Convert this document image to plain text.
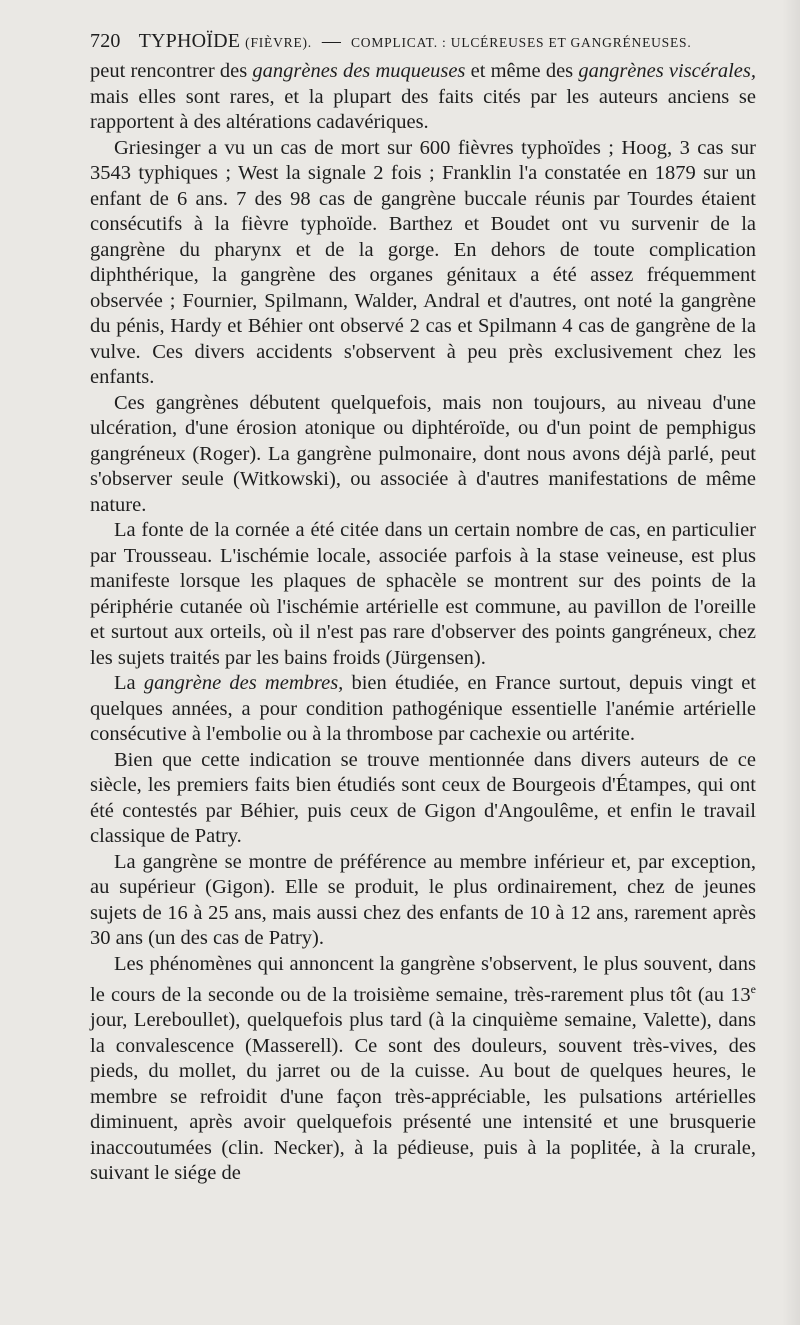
720 TYPHOÏDE
(FIÈVRE).
—
COMPLICAT. : ULCÉREUSES ET GANGRÉNEUSES.

peut rencontrer des gangrènes des muqueuses et même des gangrènes viscérales, mais elles sont rares, et la plupart des faits cités par les auteurs anciens se rapportent à des altérations cadavériques.

Griesinger a vu un cas de mort sur 600 fièvres typhoïdes ; Hoog, 3 cas sur 3543 typhiques ; West la signale 2 fois ; Franklin l'a constatée en 1879 sur un enfant de 6 ans. 7 des 98 cas de gangrène buccale réunis par Tourdes étaient consécutifs à la fièvre typhoïde. Barthez et Boudet ont vu survenir de la gangrène du pharynx et de la gorge. En dehors de toute complication diphthérique, la gangrène des organes génitaux a été assez fréquemment observée ; Fournier, Spilmann, Walder, Andral et d'autres, ont noté la gangrène du pénis, Hardy et Béhier ont observé 2 cas et Spilmann 4 cas de gangrène de la vulve. Ces divers accidents s'observent à peu près exclusivement chez les enfants.

Ces gangrènes débutent quelquefois, mais non toujours, au niveau d'une ulcération, d'une érosion atonique ou diphtéroïde, ou d'un point de pemphigus gangréneux (Roger). La gangrène pulmonaire, dont nous avons déjà parlé, peut s'observer seule (Witkowski), ou associée à d'autres manifestations de même nature.

La fonte de la cornée a été citée dans un certain nombre de cas, en particulier par Trousseau. L'ischémie locale, associée parfois à la stase veineuse, est plus manifeste lorsque les plaques de sphacèle se montrent sur des points de la périphérie cutanée où l'ischémie artérielle est commune, au pavillon de l'oreille et surtout aux orteils, où il n'est pas rare d'observer des points gangréneux, chez les sujets traités par les bains froids (Jürgensen).

La gangrène des membres, bien étudiée, en France surtout, depuis vingt et quelques années, a pour condition pathogénique essentielle l'anémie artérielle consécutive à l'embolie ou à la thrombose par cachexie ou artérite.

Bien que cette indication se trouve mentionnée dans divers auteurs de ce siècle, les premiers faits bien étudiés sont ceux de Bourgeois d'Étampes, qui ont été contestés par Béhier, puis ceux de Gigon d'Angoulême, et enfin le travail classique de Patry.

La gangrène se montre de préférence au membre inférieur et, par exception, au supérieur (Gigon). Elle se produit, le plus ordinairement, chez de jeunes sujets de 16 à 25 ans, mais aussi chez des enfants de 10 à 12 ans, rarement après 30 ans (un des cas de Patry).

Les phénomènes qui annoncent la gangrène s'observent, le plus souvent, dans le cours de la seconde ou de la troisième semaine, très-rarement plus tôt (au 13e jour, Lereboullet), quelquefois plus tard (à la cinquième semaine, Valette), dans la convalescence (Masserell). Ce sont des douleurs, souvent très-vives, des pieds, du mollet, du jarret ou de la cuisse. Au bout de quelques heures, le membre se refroidit d'une façon très-appréciable, les pulsations artérielles diminuent, après avoir quelquefois présenté une intensité et une brusquerie inaccoutumées (clin. Necker), à la pédieuse, puis à la poplitée, à la crurale, suivant le siége de
